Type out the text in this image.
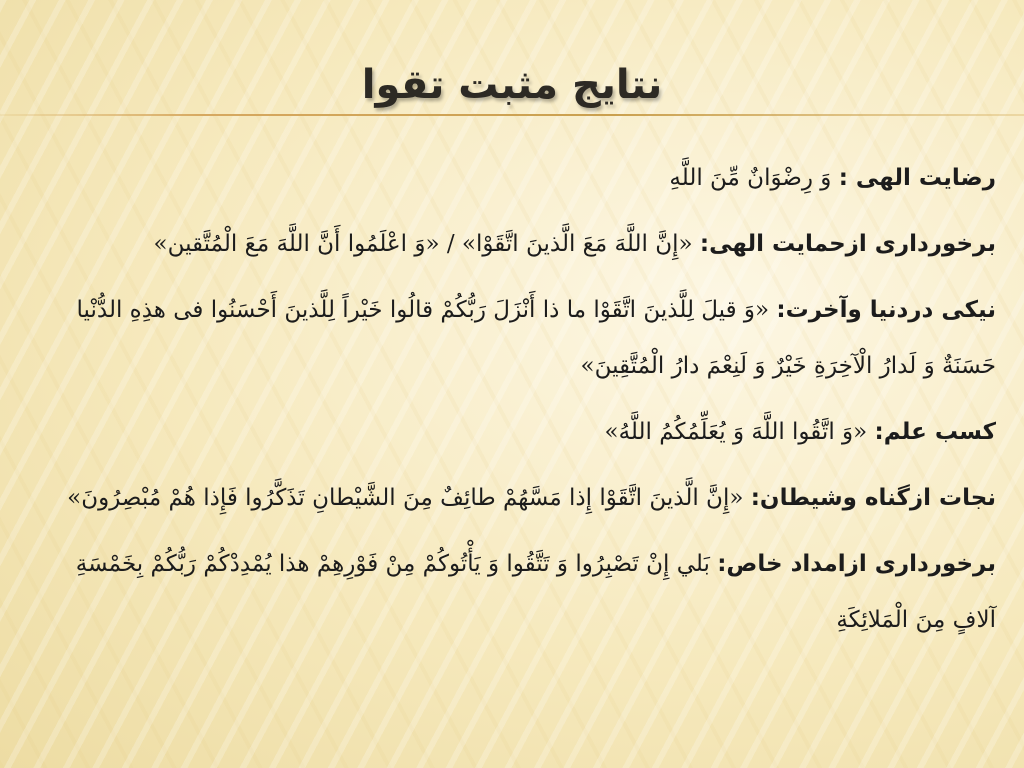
نتایج مثبت تقوا
رضایت الهی : وَ رِضْوَانٌ مِّنَ اللَّهِ
برخورداری ازحمایت الهی: «إِنَّ اللَّهَ مَعَ الَّذينَ اتَّقَوْا» / «وَ اعْلَمُوا أَنَّ اللَّهَ مَعَ الْمُتَّقين»
نیکی دردنیا وآخرت: «وَ قيلَ لِلَّذينَ اتَّقَوْا ما ذا أَنْزَلَ رَبُّكُمْ قالُوا خَيْراً لِلَّذينَ أَحْسَنُوا فى هذِهِ الدُّنْيا حَسَنَةٌ وَ لَدارُ الْآخِرَةِ خَيْرٌ وَ لَنِعْمَ دارُ الْمُتَّقِينَ»
کسب علم: «وَ اتَّقُوا اللَّهَ وَ يُعَلِّمُكُمُ اللَّهُ»
نجات ازگناه وشیطان: «إِنَّ الَّذينَ اتَّقَوْا إِذا مَسَّهُمْ طائِفٌ مِنَ الشَّيْطانِ تَذَكَّرُوا فَإِذا هُمْ مُبْصِرُونَ»
برخورداری ازامداد خاص: بَلي إِنْ تَصْبِرُوا وَ تَتَّقُوا وَ يَأْتُوكُمْ مِنْ فَوْرِهِمْ هذا يُمْدِدْكُمْ رَبُّكُمْ بِخَمْسَةِ آلافٍ مِنَ الْمَلائِكَةِ
